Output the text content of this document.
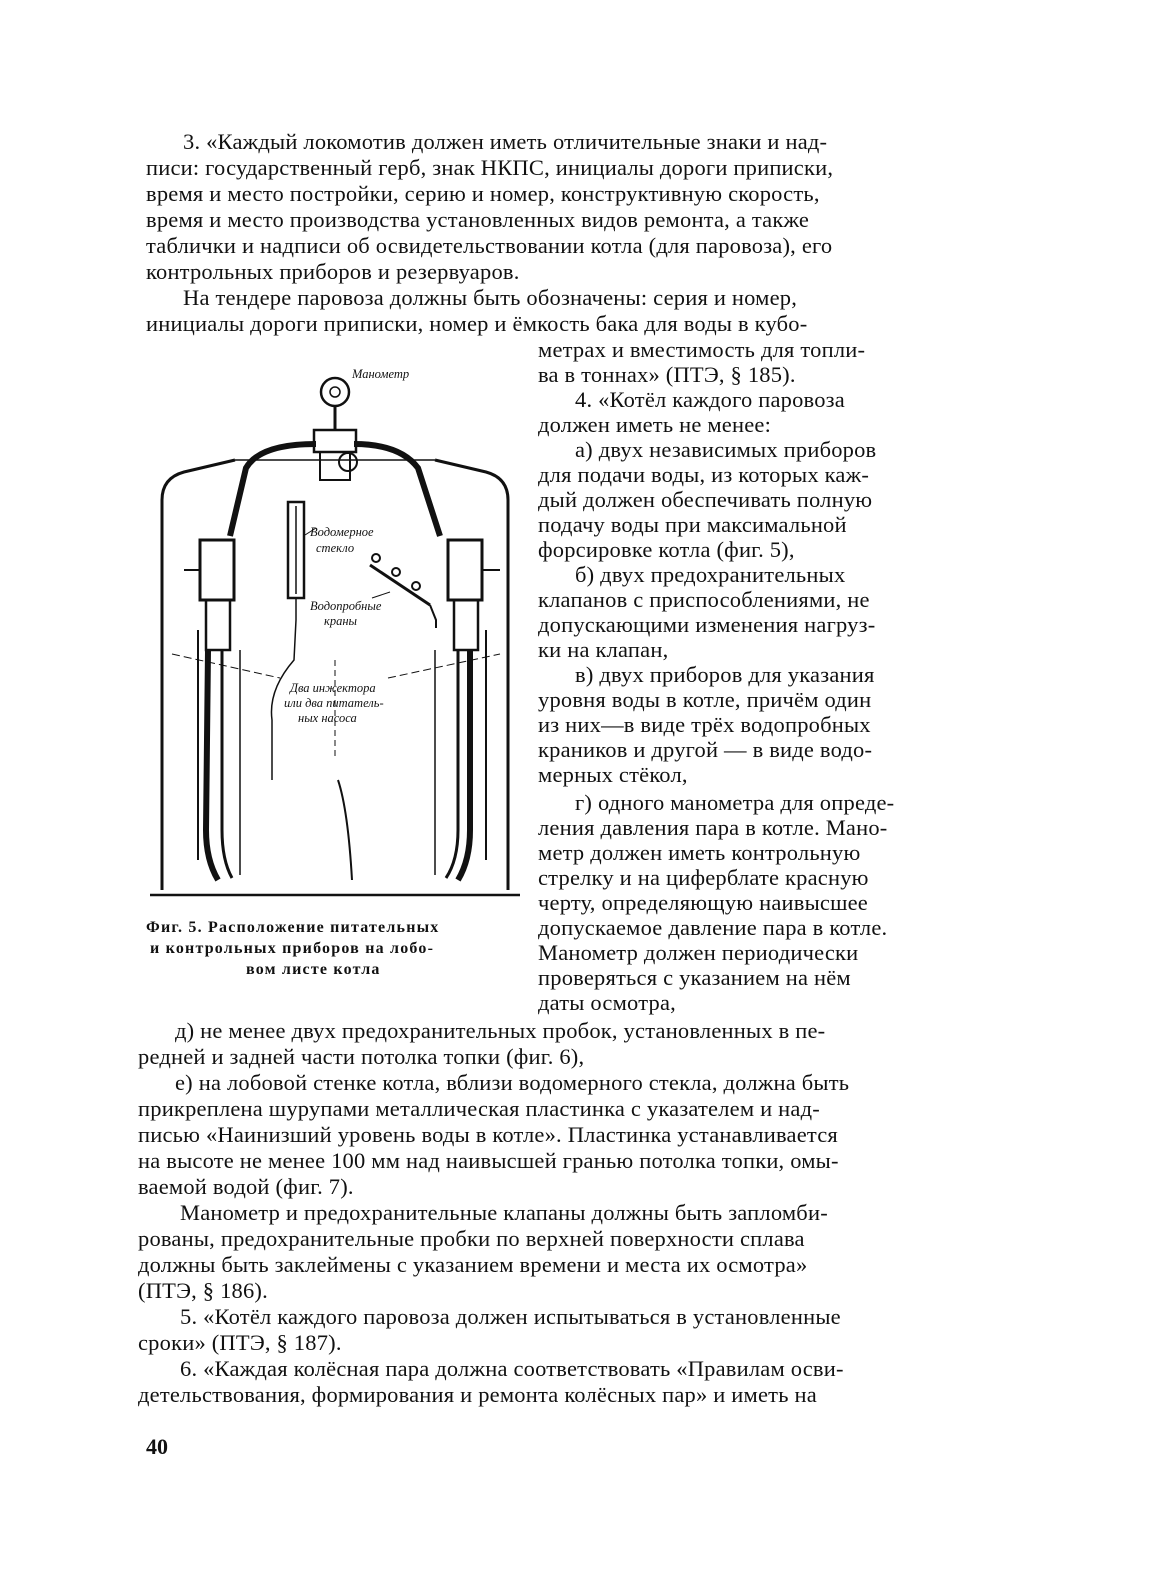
3. «Каждый локомотив должен иметь отличительные знаки и над-
писи: государственный герб, знак НКПС, инициалы дороги приписки,
время и место постройки, серию и номер, конструктивную скорость,
время и место производства установленных видов ремонта, а также
таблички и надписи об освидетельствовании котла (для паровоза), его
контрольных приборов и резервуаров.
На тендере паровоза должны быть обозначены: серия и номер,
инициалы дороги приписки, номер и ёмкость бака для воды в кубо-
метрах и вместимость для топли-
ва в тоннах» (ПТЭ, § 185).
4. «Котёл каждого паровоза
должен иметь не менее:
а) двух независимых приборов
для подачи воды, из которых каж-
дый должен обеспечивать полную
подачу воды при максимальной
форсировке котла (фиг. 5),
б) двух предохранительных
клапанов с приспособлениями, не
допускающими изменения нагруз-
ки на клапан,
в) двух приборов для указания
уровня воды в котле, причём один
из них—в виде трёх водопробных
краников и другой — в виде водо-
мерных стёкол,
г) одного манометра для опреде-
ления давления пара в котле. Мано-
метр должен иметь контрольную
стрелку и на циферблате красную
черту, определяющую наивысшее
допускаемое давление пара в котле.
Манометр должен периодически
проверяться с указанием на нём
даты осмотра,
д) не менее двух предохранительных пробок, установленных в пе-
редней и задней части потолка топки (фиг. 6),
е) на лобовой стенке котла, вблизи водомерного стекла, должна быть
прикреплена шурупами металлическая пластинка с указателем и над-
писью «Наинизший уровень воды в котле». Пластинка устанавливается
на высоте не менее 100 мм над наивысшей гранью потолка топки, омы-
ваемой водой (фиг. 7).
Манометр и предохранительные клапаны должны быть запломби-
рованы, предохранительные пробки по верхней поверхности сплава
должны быть заклеймены с указанием времени и места их осмотра»
(ПТЭ, § 186).
5. «Котёл каждого паровоза должен испытываться в установленные
сроки» (ПТЭ, § 187).
6. «Каждая колёсная пара должна соответствовать «Правилам осви-
детельствования, формирования и ремонта колёсных пар» и иметь на
Манометр
Водомерное
стекло
Водопробные
краны
Два инжектора
или два питатель-
ных насоса
Фиг. 5. Расположение питательных
и контрольных приборов на лобо-
вом листе котла
40
